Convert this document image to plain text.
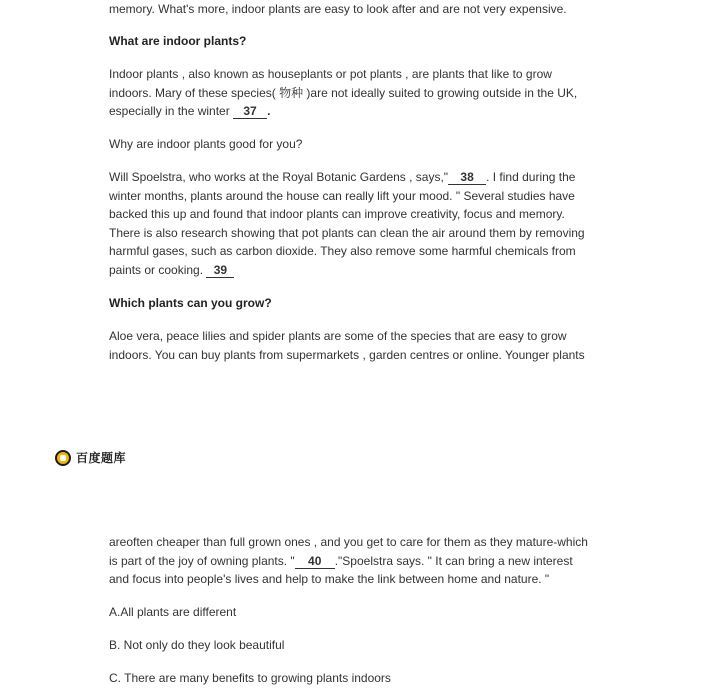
memory. What's more, indoor plants are easy to look after and are not very expensive.

What are indoor plants?

Indoor plants , also known as houseplants or pot plants , are plants that like to grow
indoors. Mary of these species( 物种 )are not ideally suited to growing outside in the UK,
especially in the winter 37 .

Why are indoor plants good for you?

Will Spoelstra, who works at the Royal Botanic Gardens , says," 38 . I find during the
winter months, plants around the house can really lift your mood. " Several studies have
backed this up and found that indoor plants can improve creativity, focus and memory.
There is also research showing that pot plants can clean the air around them by removing
harmful gases, such as carbon dioxide. They also remove some harmful chemicals from
paints or cooking. 39

Which plants can you grow?

Aloe vera, peace lilies and spider plants are some of the species that are easy to grow
indoors. You can buy plants from supermarkets , garden centres or online. Younger plants
百度题库
areoften cheaper than full grown ones , and you get to care for them as they mature-which
is part of the joy of owning plants. " 40 ."Spoelstra says. " It can bring a new interest
and focus into people's lives and help to make the link between home and nature. "

A.All plants are different

B. Not only do they look beautiful

C. There are many benefits to growing plants indoors
